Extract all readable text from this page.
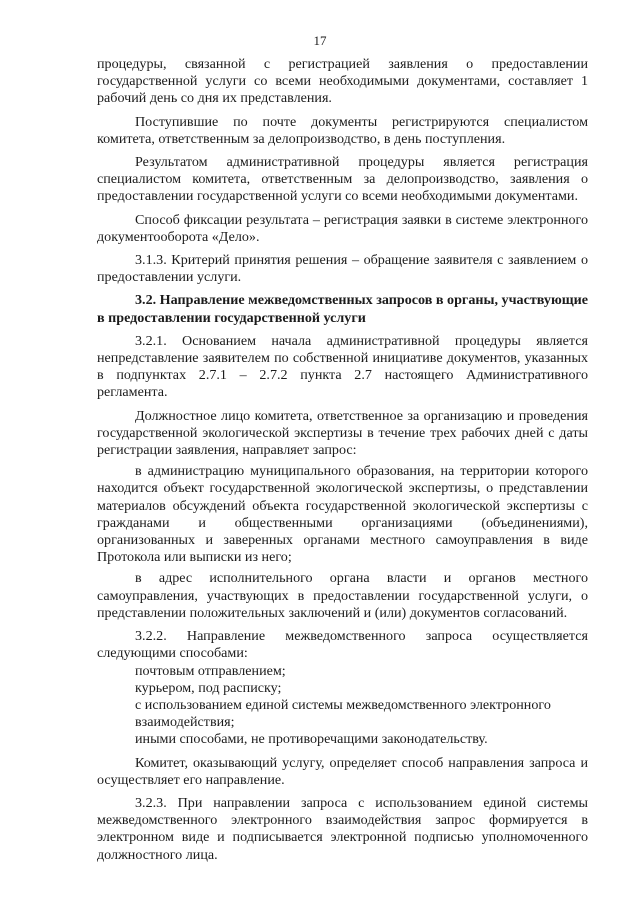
17

процедуры, связанной с регистрацией заявления о предоставлении государственной услуги со всеми необходимыми документами, составляет 1 рабочий день со дня их представления.

Поступившие по почте документы регистрируются специалистом комитета, ответственным за делопроизводство, в день поступления.

Результатом административной процедуры является регистрация специалистом комитета, ответственным за делопроизводство, заявления о предоставлении государственной услуги со всеми необходимыми документами.

Способ фиксации результата – регистрация заявки в системе электронного документооборота «Дело».

3.1.3. Критерий принятия решения – обращение заявителя с заявлением о предоставлении услуги.

3.2. Направление межведомственных запросов в органы, участвующие в предоставлении государственной услуги

3.2.1. Основанием начала административной процедуры является непредставление заявителем по собственной инициативе документов, указанных в подпунктах 2.7.1 – 2.7.2 пункта 2.7 настоящего Административного регламента.

Должностное лицо комитета, ответственное за организацию и проведения государственной экологической экспертизы в течение трех рабочих дней с даты регистрации заявления, направляет запрос:

в администрацию муниципального образования, на территории которого находится объект государственной экологической экспертизы, о представлении материалов обсуждений объекта государственной экологической экспертизы с гражданами и общественными организациями (объединениями), организованных и заверенных органами местного самоуправления в виде Протокола или выписки из него;

в адрес исполнительного органа власти и органов местного самоуправления, участвующих в предоставлении государственной услуги, о представлении положительных заключений и (или) документов согласований.

3.2.2. Направление межведомственного запроса осуществляется следующими способами:

почтовым отправлением;
курьером, под расписку;
с использованием единой системы межведомственного электронного взаимодействия;
иными способами, не противоречащими законодательству.

Комитет, оказывающий услугу, определяет способ направления запроса и осуществляет его направление.

3.2.3. При направлении запроса с использованием единой системы межведомственного электронного взаимодействия запрос формируется в электронном виде и подписывается электронной подписью уполномоченного должностного лица.
